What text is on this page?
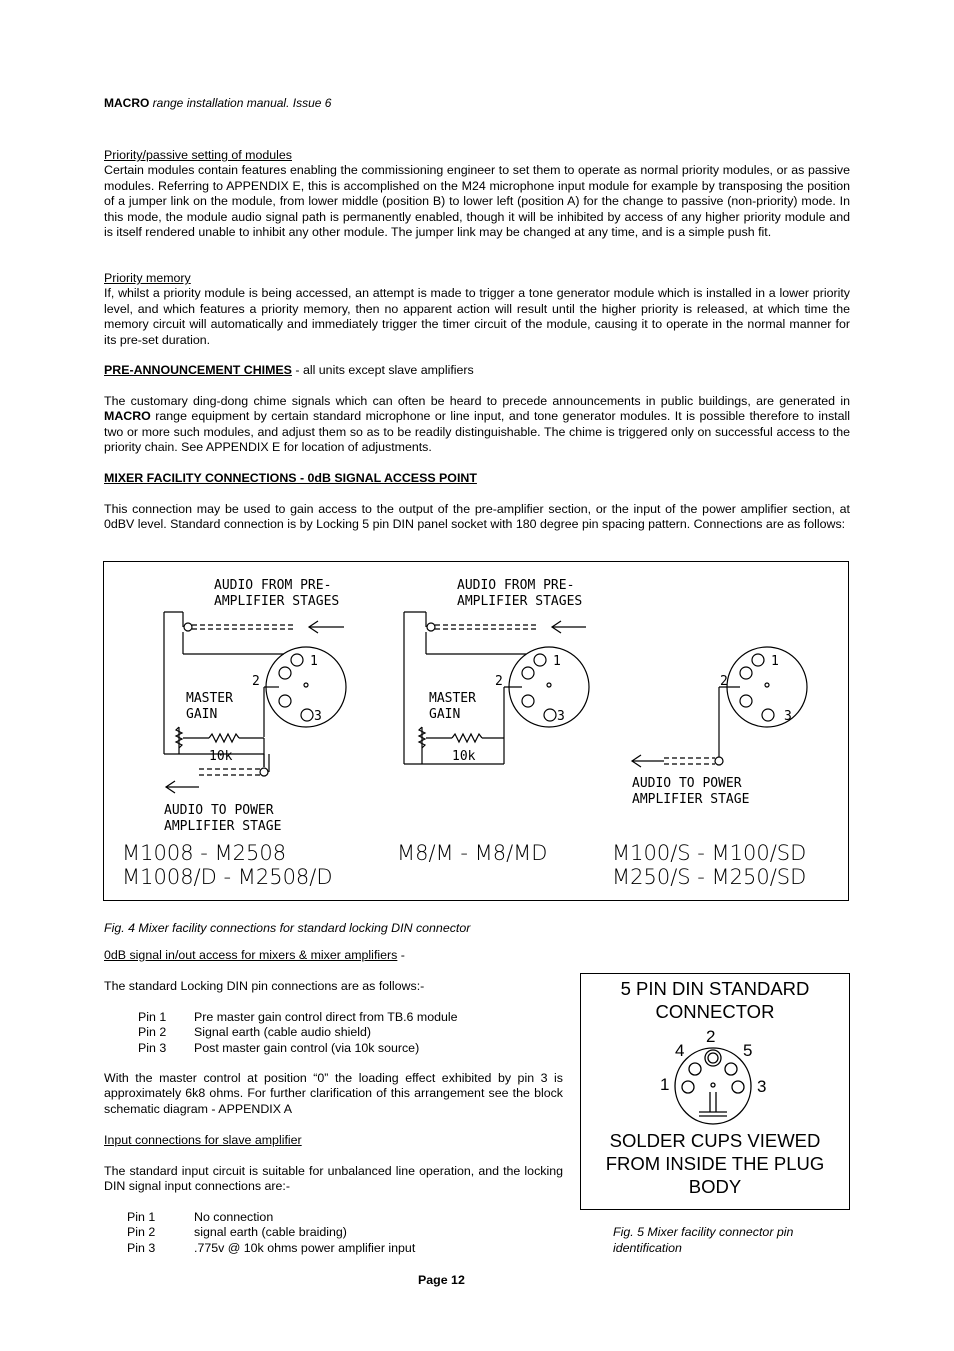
MACRO range installation manual. Issue 6
Priority/passive setting of modules
Certain modules contain features enabling the commissioning engineer to set them to operate as normal priority modules, or as passive modules. Referring to APPENDIX E, this is accomplished on the M24 microphone input module for example by transposing the position of a jumper link on the module, from lower middle (position B) to lower left (position A) for the change to passive (non-priority) mode. In this mode, the module audio signal path is permanently enabled, though it will be inhibited by access of any higher priority module and is itself rendered unable to inhibit any other module. The jumper link may be changed at any time, and is a simple push fit.
Priority memory
If, whilst a priority module is being accessed, an attempt is made to trigger a tone generator module which is installed in a lower priority level, and which features a priority memory, then no apparent action will result until the higher priority is released, at which time the memory circuit will automatically and immediately trigger the timer circuit of the module, causing it to operate in the normal manner for its pre-set duration.
PRE-ANNOUNCEMENT CHIMES - all units except slave amplifiers
The customary ding-dong chime signals which can often be heard to precede announcements in public buildings, are generated in MACRO range equipment by certain standard microphone or line input, and tone generator modules. It is possible therefore to install two or more such modules, and adjust them so as to be readily distinguishable. The chime is triggered only on successful access to the priority chain. See APPENDIX E for location of adjustments.
MIXER FACILITY CONNECTIONS - 0dB SIGNAL ACCESS POINT
This connection may be used to gain access to the output of the pre-amplifier section, or the input of the power amplifier section, at 0dBV level. Standard connection is by Locking 5 pin DIN panel socket with 180 degree pin spacing pattern. Connections are as follows:
AUDIO FROM PRE-
AMPLIFIER STAGES
MASTER
GAIN
10k
1
2
3
AUDIO TO POWER
AMPLIFIER STAGE
M1008 - M2508
M1008/D - M2508/D
AUDIO FROM PRE-
AMPLIFIER STAGES
MASTER
GAIN
10k
1
2
3
M8/M - M8/MD
1
2
3
AUDIO TO POWER
AMPLIFIER STAGE
M100/S - M100/SD
M250/S - M250/SD
Fig. 4 Mixer facility connections for standard locking DIN connector
0dB signal in/out access for mixers & mixer amplifiers -
The standard Locking DIN pin connections are as follows:-
Pin 1 Pre master gain control direct from TB.6 module
Pin 2 Signal earth (cable audio shield)
Pin 3 Post master gain control (via 10k source)
With the master control at position “0” the loading effect exhibited by pin 3 is approximately 6k8 ohms. For further clarification of this arrangement see the block schematic diagram - APPENDIX A
Input connections for slave amplifier
The standard input circuit is suitable for unbalanced line operation, and the locking DIN signal input connections are:-
Pin 1	No connection
Pin 2	signal earth (cable braiding)
Pin 3	.775v @ 10k ohms power amplifier input
5 PIN DIN STANDARD
CONNECTOR
2
4	5
1	3
SOLDER CUPS VIEWED
FROM INSIDE THE PLUG
BODY
Fig. 5 Mixer facility connector pin
identification
Page 12
